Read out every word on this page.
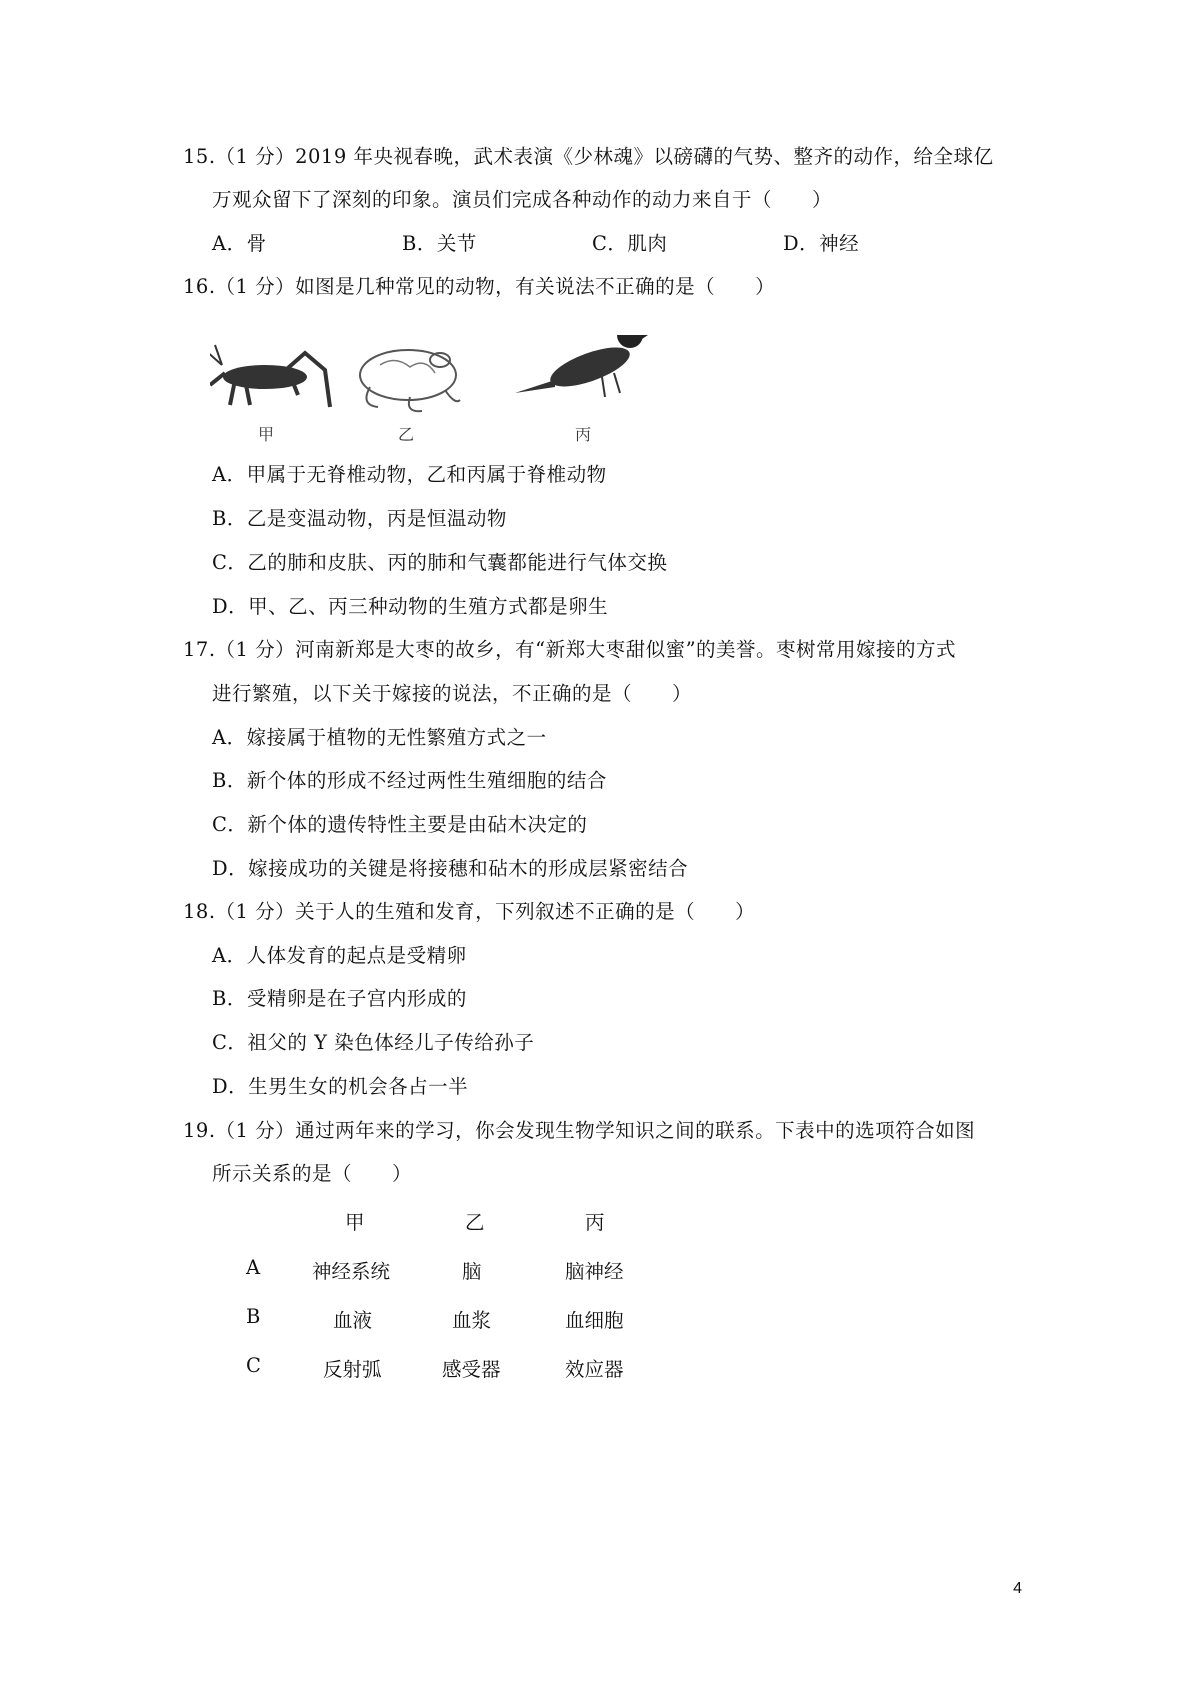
15.（1 分）2019 年央视春晚，武术表演《少林魂》以磅礴的气势、整齐的动作，给全球亿
万观众留下了深刻的印象。演员们完成各种动作的动力来自于（　　）
A．骨	B．关节	C．肌肉	D．神经
16.（1 分）如图是几种常见的动物，有关说法不正确的是（　　）
甲	乙	丙
A．甲属于无脊椎动物，乙和丙属于脊椎动物
B．乙是变温动物，丙是恒温动物
C．乙的肺和皮肤、丙的肺和气囊都能进行气体交换
D．甲、乙、丙三种动物的生殖方式都是卵生
17.（1 分）河南新郑是大枣的故乡，有“新郑大枣甜似蜜”的美誉。枣树常用嫁接的方式
进行繁殖，以下关于嫁接的说法，不正确的是（　　）
A．嫁接属于植物的无性繁殖方式之一
B．新个体的形成不经过两性生殖细胞的结合
C．新个体的遗传特性主要是由砧木决定的
D．嫁接成功的关键是将接穗和砧木的形成层紧密结合
18.（1 分）关于人的生殖和发育，下列叙述不正确的是（　　）
A．人体发育的起点是受精卵
B．受精卵是在子宫内形成的
C．祖父的 Y 染色体经儿子传给孙子
D．生男生女的机会各占一半
19.（1 分）通过两年来的学习，你会发现生物学知识之间的联系。下表中的选项符合如图
所示关系的是（　　）
甲	乙	丙
A	神经系统	脑	脑神经
B	血液	血浆	血细胞
C	反射弧	感受器	效应器
4
